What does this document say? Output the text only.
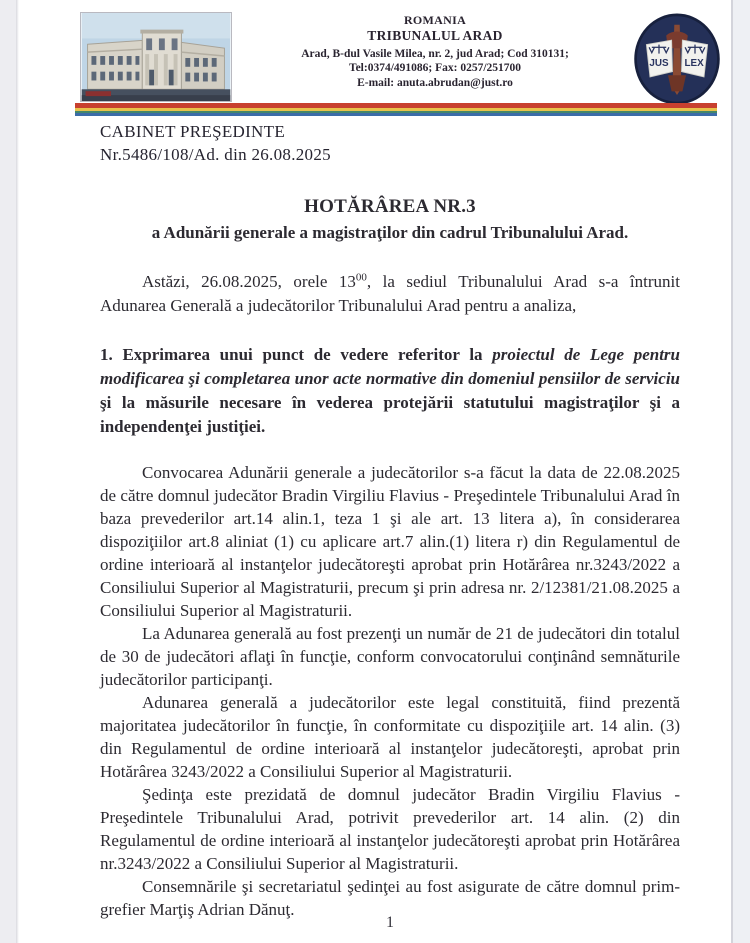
ROMANIA
TRIBUNALUL ARAD
Arad, B-dul Vasile Milea, nr. 2, jud Arad; Cod 310131;
Tel:0374/491086; Fax: 0257/251700
E-mail: anuta.abrudan@just.ro
JUS LEX
CABINET PREŞEDINTE
Nr.5486/108/Ad. din 26.08.2025
HOTĂRÂREA NR.3
a Adunării generale a magistraţilor din cadrul Tribunalului Arad.

Astăzi, 26.08.2025, orele $13^{00}$, la sediul Tribunalului Arad s-a întrunit Adunarea Generală a judecătorilor Tribunalului Arad pentru a analiza,

1. Exprimarea unui punct de vedere referitor la proiectul de Lege pentru modificarea şi completarea unor acte normative din domeniul pensiilor de serviciu şi la măsurile necesare în vederea protejării statutului magistraţilor şi a independenţei justiţiei.

Convocarea Adunării generale a judecătorilor s-a făcut la data de 22.08.2025 de către domnul judecător Bradin Virgiliu Flavius - Preşedintele Tribunalului Arad în baza prevederilor art.14 alin.1, teza 1 şi ale art. 13 litera a), în considerarea dispoziţiilor art.8 aliniat (1) cu aplicare art.7 alin.(1) litera r) din Regulamentul de ordine interioară al instanţelor judecătoreşti aprobat prin Hotărârea nr.3243/2022 a Consiliului Superior al Magistraturii, precum şi prin adresa nr. 2/12381/21.08.2025 a Consiliului Superior al Magistraturii.

La Adunarea generală au fost prezenţi un număr de 21 de judecători din totalul de 30 de judecători aflaţi în funcţie, conform convocatorului conţinând semnăturile judecătorilor participanţi.

Adunarea generală a judecătorilor este legal constituită, fiind prezentă majoritatea judecătorilor în funcţie, în conformitate cu dispoziţiile art. 14 alin. (3) din Regulamentul de ordine interioară al instanţelor judecătoreşti, aprobat prin Hotărârea 3243/2022 a Consiliului Superior al Magistraturii.

Şedinţa este prezidată de domnul judecător Bradin Virgiliu Flavius - Preşedintele Tribunalului Arad, potrivit prevederilor art. 14 alin. (2) din Regulamentul de ordine interioară al instanţelor judecătoreşti aprobat prin Hotărârea nr.3243/2022 a Consiliului Superior al Magistraturii.

Consemnările şi secretariatul şedinţei au fost asigurate de către domnul prim-grefier Marţiş Adrian Dănuţ.

1
